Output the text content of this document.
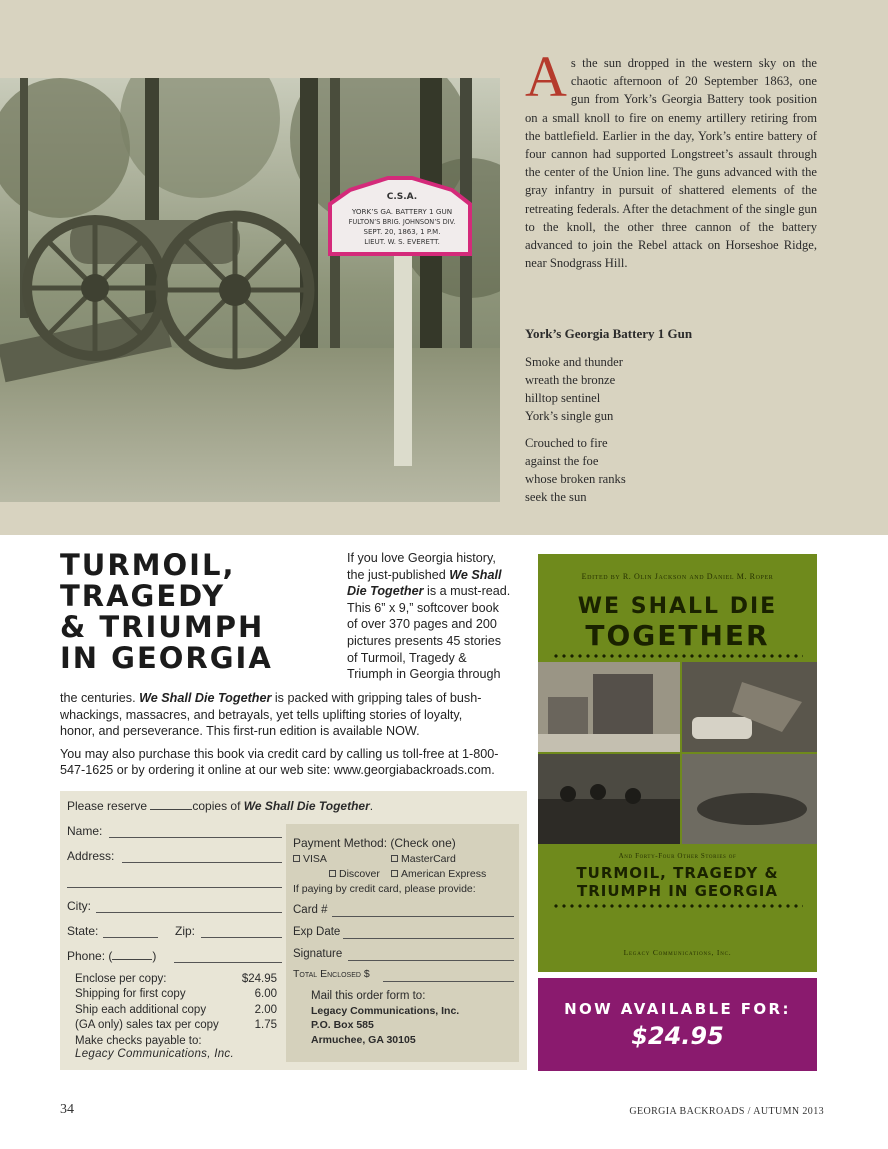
C.S.A.
YORK’S GA. BATTERY 1 GUN
FULTON’S BRIG. JOHNSON’S DIV.
SEPT. 20, 1863, 1 P.M.
LIEUT. W. S. EVERETT.
As the sun dropped in the western sky on the chaotic afternoon of 20 September 1863, one gun from York’s Georgia Battery took position on a small knoll to fire on enemy artillery retiring from the battlefield. Earlier in the day, York’s entire battery of four cannon had supported Longstreet’s assault through the center of the Union line. The guns advanced with the gray infantry in pursuit of shattered elements of the retreating federals. After the detachment of the single gun to the knoll, the other three cannon of the battery advanced to join the Rebel attack on Horseshoe Ridge, near Snodgrass Hill.
York’s Georgia Battery 1 Gun
Smoke and thunder
wreath the bronze
hilltop sentinel
York’s single gun
Crouched to fire
against the foe
whose broken ranks
seek the sun
TURMOIL,
TRAGEDY
& TRIUMPH
IN GEORGIA
If you love Georgia history,
the just-published We Shall
Die Together is a must-read.
This 6” x 9,” softcover book
of over 370 pages and 200
pictures presents 45 stories
of Turmoil, Tragedy &
Triumph in Georgia through
the centuries. We Shall Die Together is packed with gripping tales of bush-
whackings, massacres, and betrayals, yet tells uplifting stories of loyalty,
honor, and perseverance. This first-run edition is available NOW.
You may also purchase this book via credit card by calling us toll-free at 1-800-
547-1625 or by ordering it online at our web site: www.georgiabackroads.com.
Please reserve	copies of We Shall Die Together.
Name:
Address:
City:
State:	Zip:
Phone: (	)
Enclose per copy:	$24.95
Shipping for first copy	6.00
Ship each additional copy	2.00
(GA only) sales tax per copy	1.75
Make checks payable to:
Legacy Communications, Inc.
Payment Method: (Check one)
VISA	MasterCard
Discover	American Express
If paying by credit card, please provide:
Card #
Exp Date
Signature
Total Enclosed $
Mail this order form to:
Legacy Communications, Inc.
P.O. Box 585
Armuchee, GA 30105
Edited by R. Olin Jackson and Daniel M. Roper
WE SHALL DIE
TOGETHER
And Forty-Four Other Stories of
TURMOIL, TRAGEDY &
TRIUMPH IN GEORGIA
Legacy Communications, Inc.
NOW AVAILABLE FOR:
$24.95
34	GEORGIA BACKROADS / AUTUMN 2013
